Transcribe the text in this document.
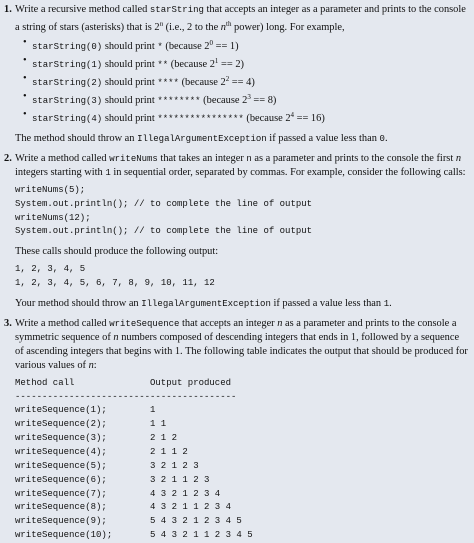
1. Write a recursive method called starString that accepts an integer as a parameter and prints to the console a string of stars (asterisks) that is 2$^n$ (i.e., 2 to the $n^{th}$ power) long. For example,
• starString(0) should print * (because $2^0 == 1$)
• starString(1) should print ** (because $2^1 == 2$)
• starString(2) should print **** (because $2^2 == 4$)
• starString(3) should print ******** (because $2^3 == 8$)
• starString(4) should print **************** (because $2^4 == 16$)
The method should throw an IllegalArgumentException if passed a value less than 0.
2. Write a method called writeNums that takes an integer n as a parameter and prints to the console the first n integers starting with 1 in sequential order, separated by commas. For example, consider the following calls:
writeNums(5);
System.out.println(); // to complete the line of output
writeNums(12);
System.out.println(); // to complete the line of output
These calls should produce the following output:
1, 2, 3, 4, 5
1, 2, 3, 4, 5, 6, 7, 8, 9, 10, 11, 12
Your method should throw an IllegalArgumentException if passed a value less than 1.
3. Write a method called writeSequence that accepts an integer n as a parameter and prints to the console a symmetric sequence of n numbers composed of descending integers that ends in 1, followed by a sequence of ascending integers that begins with 1. The following table indicates the output that should be produced for various values of n:
Method call	Output produced
-----------------------------------------
writeSequence(1);	1
writeSequence(2);	1 1
writeSequence(3);	2 1 2
writeSequence(4);	2 1 1 2
writeSequence(5);	3 2 1 2 3
writeSequence(6);	3 2 1 1 2 3
writeSequence(7);	4 3 2 1 2 3 4
writeSequence(8);	4 3 2 1 1 2 3 4
writeSequence(9);	5 4 3 2 1 2 3 4 5
writeSequence(10);	5 4 3 2 1 1 2 3 4 5
